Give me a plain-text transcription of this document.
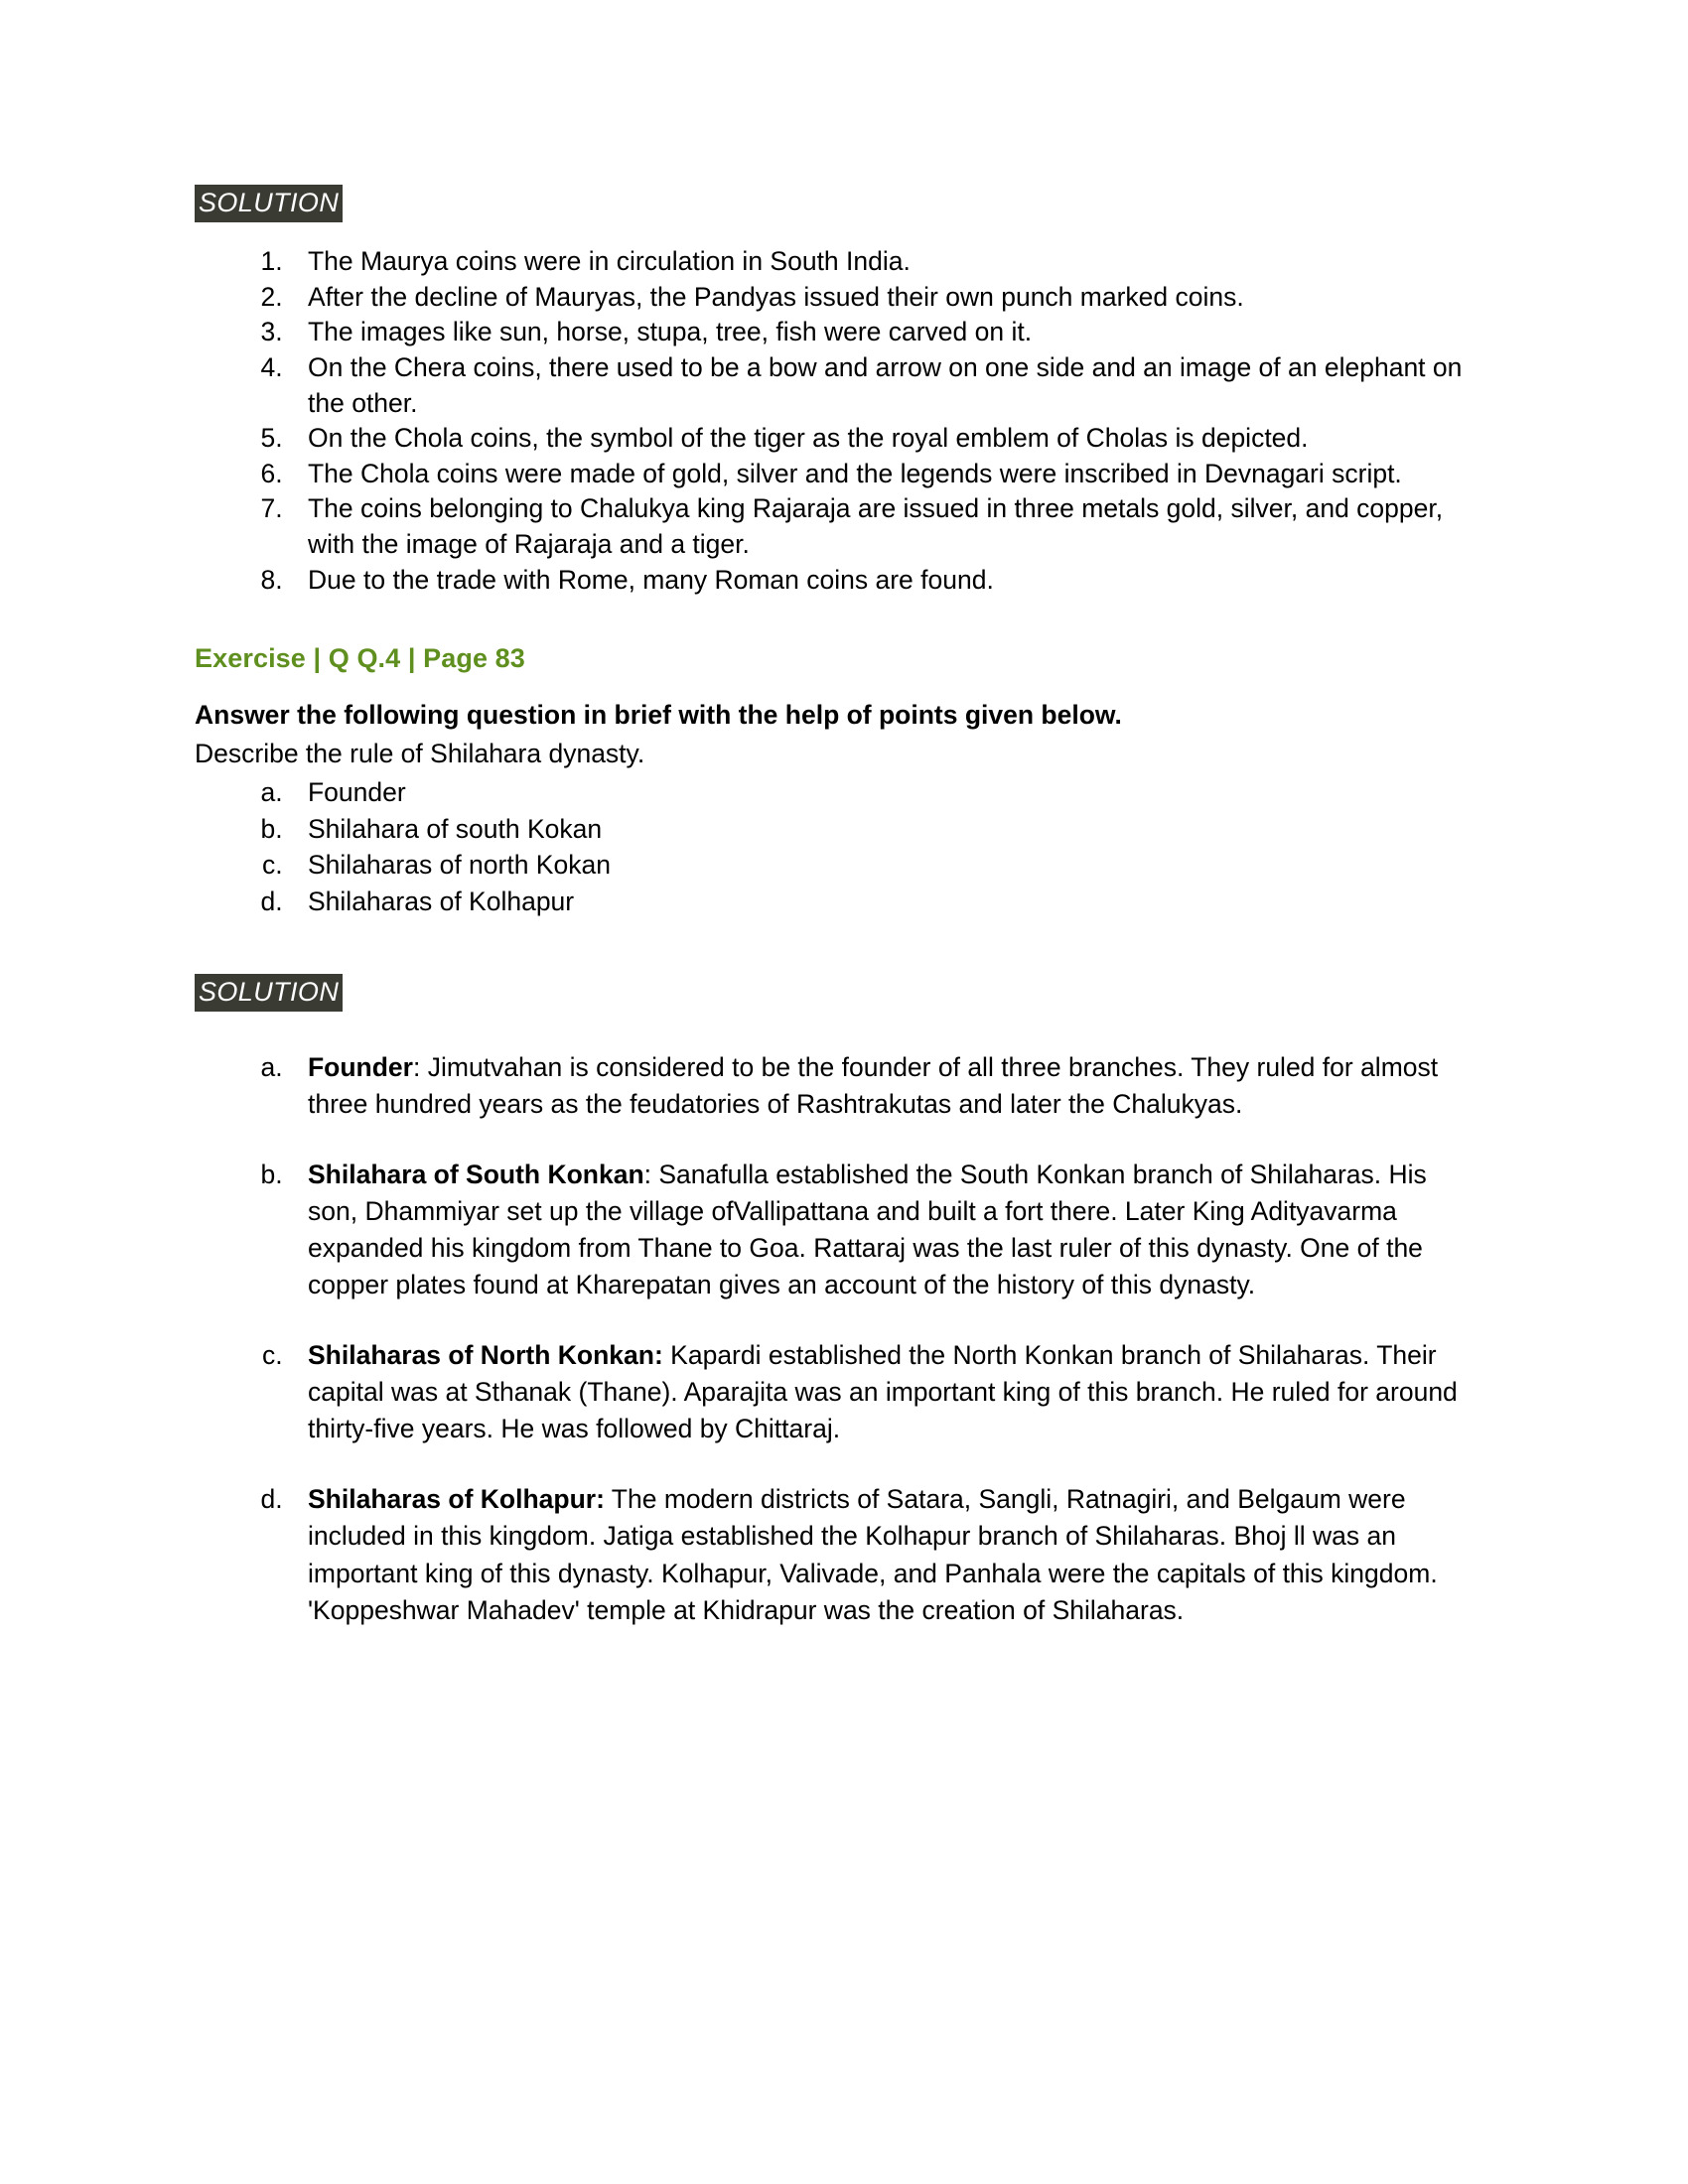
SOLUTION
1. The Maurya coins were in circulation in South India.
2. After the decline of Mauryas, the Pandyas issued their own punch marked coins.
3. The images like sun, horse, stupa, tree, fish were carved on it.
4. On the Chera coins, there used to be a bow and arrow on one side and an image of an elephant on the other.
5. On the Chola coins, the symbol of the tiger as the royal emblem of Cholas is depicted.
6. The Chola coins were made of gold, silver and the legends were inscribed in Devnagari script.
7. The coins belonging to Chalukya king Rajaraja are issued in three metals gold, silver, and copper, with the image of Rajaraja and a tiger.
8. Due to the trade with Rome, many Roman coins are found.
Exercise | Q Q.4 | Page 83
Answer the following question in brief with the help of points given below.
Describe the rule of Shilahara dynasty.
a. Founder
b. Shilahara of south Kokan
c. Shilaharas of north Kokan
d. Shilaharas of Kolhapur
SOLUTION
a. Founder: Jimutvahan is considered to be the founder of all three branches. They ruled for almost three hundred years as the feudatories of Rashtrakutas and later the Chalukyas.
b. Shilahara of South Konkan: Sanafulla established the South Konkan branch of Shilaharas. His son, Dhammiyar set up the village ofVallipattana and built a fort there. Later King Adityavarma expanded his kingdom from Thane to Goa. Rattaraj was the last ruler of this dynasty. One of the copper plates found at Kharepatan gives an account of the history of this dynasty.
c. Shilaharas of North Konkan: Kapardi established the North Konkan branch of Shilaharas. Their capital was at Sthanak (Thane). Aparajita was an important king of this branch. He ruled for around thirty-five years. He was followed by Chittaraj.
d. Shilaharas of Kolhapur: The modern districts of Satara, Sangli, Ratnagiri, and Belgaum were included in this kingdom. Jatiga established the Kolhapur branch of Shilaharas. Bhoj ll was an important king of this dynasty. Kolhapur, Valivade, and Panhala were the capitals of this kingdom. 'Koppeshwar Mahadev' temple at Khidrapur was the creation of Shilaharas.
